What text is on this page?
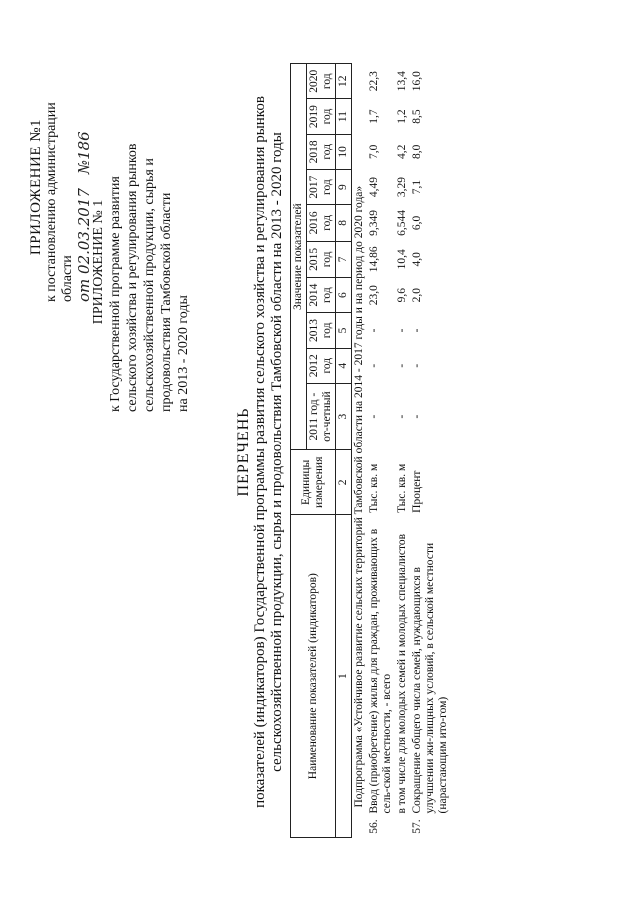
ПРИЛОЖЕНИЕ №1 к постановлению администрации области от 02.03.2017    №186
ПРИЛОЖЕНИЕ № 1 к Государственной программе развития сельского хозяйства и регулирования рынков сельскохозяйственной продукции, сырья и продовольствия Тамбовской области на 2013 - 2020 годы
ПЕРЕЧЕНЬ показателей (индикаторов) Государственной программы развития сельского хозяйства и регулирования рынков сельскохозяйственной продукции, сырья и продовольствия Тамбовской области на 2013 - 2020 годы Наименование показателей (индикаторов)		Единицы измерения	Значение показателей									
			2011 год - от-четный	2012 год	2013 год	2014 год	2015 год	2016 год	2017 год	2018 год	2019 год	2020 год
1		2	3	4	5	6	7	8	9	10	11	12
Подпрограмма «Устойчивое развитие сельских территорий Тамбовской области на 2014 - 2017 годы и на период до 2020 года»												
56.	Ввод (приобретение) жилья для граждан, проживающих в сель-ской местности, - всего	Тыс. кв. м	-	-	-	23,0	14,86	9,349	4,49	7,0	1,7	22,3
	в том числе для молодых семей и молодых специалистов	Тыс. кв. м	-	-	-	9,6	10,4	6,544	3,29	4,2	1,2	13,4
57.	Сокращение общего числа семей, нуждающихся в улучшении жи-лищных условий, в сельской местности (нарастающим ито-гом)	Процент	-	-	-	2,0	4,0	6,0	7,1	8,0	8,5	16,0
